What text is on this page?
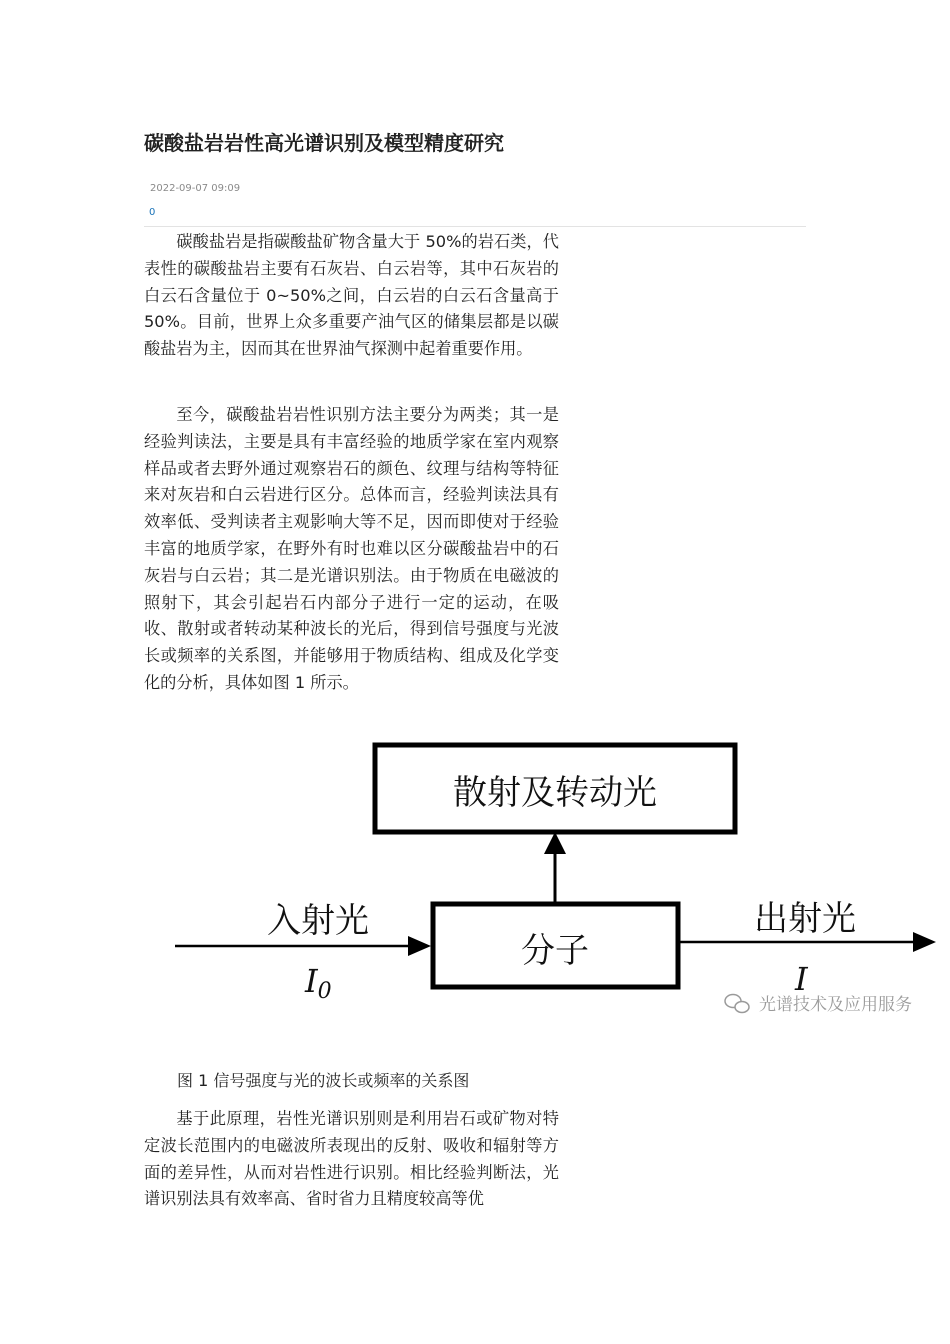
碳酸盐岩岩性高光谱识别及模型精度研究
2022-09-07 09:09
0

碳酸盐岩是指碳酸盐矿物含量大于 50%的岩石类，代表性的碳酸盐岩主要有石灰岩、白云岩等，其中石灰岩的白云石含量位于 0~50%之间，白云岩的白云石含量高于 50%。目前，世界上众多重要产油气区的储集层都是以碳酸盐岩为主，因而其在世界油气探测中起着重要作用。

至今，碳酸盐岩岩性识别方法主要分为两类；其一是经验判读法，主要是具有丰富经验的地质学家在室内观察样品或者去野外通过观察岩石的颜色、纹理与结构等特征来对灰岩和白云岩进行区分。总体而言，经验判读法具有效率低、受判读者主观影响大等不足，因而即使对于经验丰富的地质学家，在野外有时也难以区分碳酸盐岩中的石灰岩与白云岩；其二是光谱识别法。由于物质在电磁波的照射下，其会引起岩石内部分子进行一定的运动，在吸收、散射或者转动某种波长的光后，得到信号强度与光波长或频率的关系图，并能够用于物质结构、组成及化学变化的分析，具体如图 1 所示。

散射及转动光
分子
入射光
I0
出射光
I
光谱技术及应用服务
图 1 信号强度与光的波长或频率的关系图

基于此原理，岩性光谱识别则是利用岩石或矿物对特定波长范围内的电磁波所表现出的反射、吸收和辐射等方面的差异性，从而对岩性进行识别。相比经验判断法，光谱识别法具有效率高、省时省力且精度较高等优
